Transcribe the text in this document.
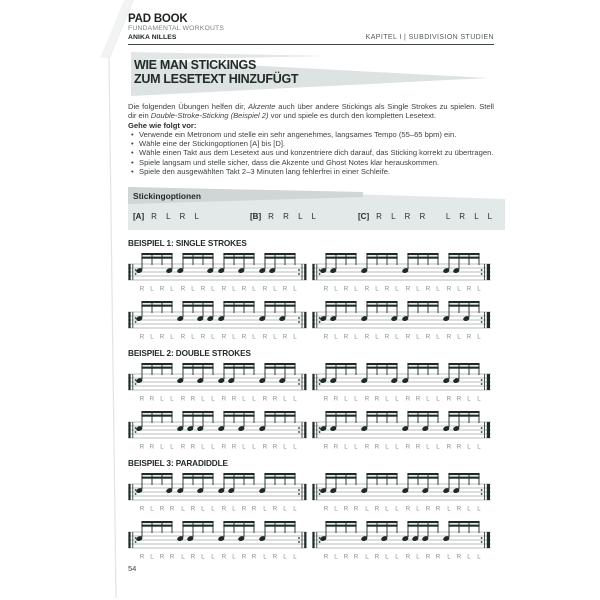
PAD BOOK
FUNDAMENTAL WORKOUTS
ANIKA NILLES	KAPITEL I | SUBDIVISION STUDIEN
WIE MAN STICKINGS
ZUM LESETEXT HINZUFÜGT

Die folgenden Übungen helfen dir, Akzente auch über andere Stickings als Single Strokes zu spielen. Stell dir ein Double-Stroke-Sticking (Beispiel 2) vor und spiele es durch den kompletten Lesetext.

Gehe wie folgt vor:

• Verwende ein Metronom und stelle ein sehr angenehmes, langsames Tempo (55–65 bpm) ein.
• Wähle eine der Stickingoptionen [A] bis [D].
• Wähle einen Takt aus dem Lesetext aus und konzentriere dich darauf, das Sticking korrekt zu übertragen.
• Spiele langsam und stelle sicher, dass die Akzente und Ghost Notes klar herauskommen.
• Spiele den ausgewählten Takt 2–3 Minuten lang fehlerfrei in einer Schleife.
Stickingoptionen
[A] R L R L	[B] R R L L	[C] R L R R   L R L L
BEISPIEL 1: SINGLE STROKES
R L R L R L R L R L R L R L R L	R L R L R L R L R L R L R L R L
R L R L R L R L R L R L R L R L	R L R L R L R L R L R L R L R L
BEISPIEL 2: DOUBLE STROKES
R R L L R R L L R R L L R R L L	R R L L R R L L R R L L R R L L
R R L L R R L L R R L L R R L L	R R L L R R L L R R L L R R L L
BEISPIEL 3: PARADIDDLE
R L R R L R L L R L R R L R L L	R L R R L R L L R L R R L R L L
R L R R L R L L R L R R L R L L	R L R R L R L L R L R R L R L L
54
